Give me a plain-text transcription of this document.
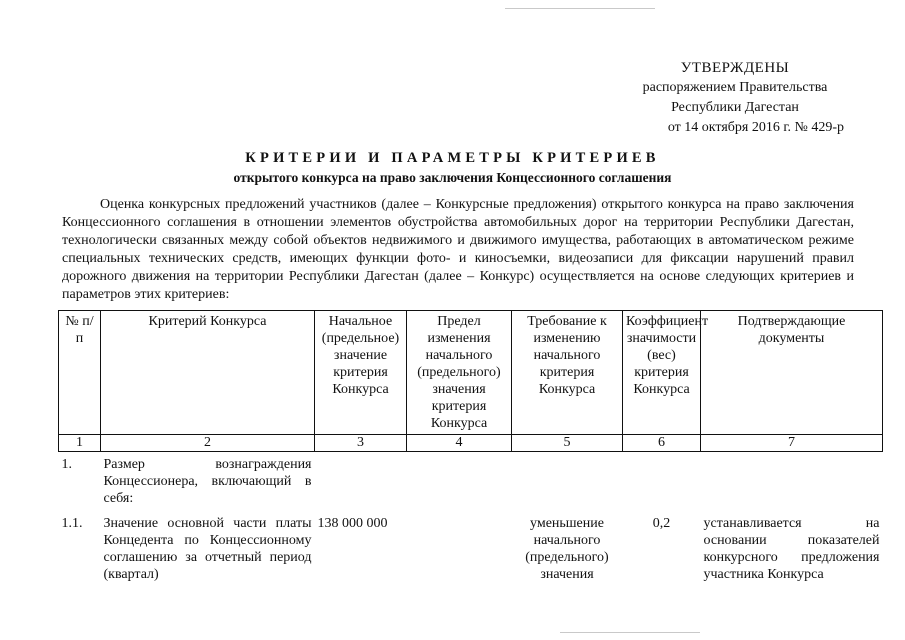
УТВЕРЖДЕНЫ
распоряжением Правительства
Республики Дагестан
от 14 октября 2016 г. № 429-р
КРИТЕРИИ И ПАРАМЕТРЫ КРИТЕРИЕВ
открытого конкурса на право заключения Концессионного соглашения

Оценка конкурсных предложений участников (далее – Конкурсные предложения) открытого конкурса на право заключения Концессионного соглашения в отношении элементов обустройства автомобильных дорог на территории Республики Дагестан, технологически связанных между собой объектов недвижимого и движимого имущества, работающих в автоматическом режиме специальных технических средств, имеющих функции фото- и киносъемки, видеозаписи для фиксации нарушений правил дорожного движения на территории Республики Дагестан (далее – Конкурс) осуществляется на основе следующих критериев и параметров этих критериев:

№ п/п	Критерий Конкурса	Начальное (предельное) значение критерия Конкурса	Предел изменения начального (предельного) значения критерия Конкурса	Требование к изменению начального критерия Конкурса	Коэффициент значимости (вес) критерия Конкурса	Подтверждающие документы
1	2	3	4	5	6	7
1.	Размер вознаграждения Концессионера, включающий в себя:					
1.1.	Значение основной части платы Концедента по Концессионному соглашению за отчетный период (квартал)	138 000 000		уменьшение начального (предельного) значения	0,2	устанавливается на основании показателей конкурсного предложения участника Конкурса
